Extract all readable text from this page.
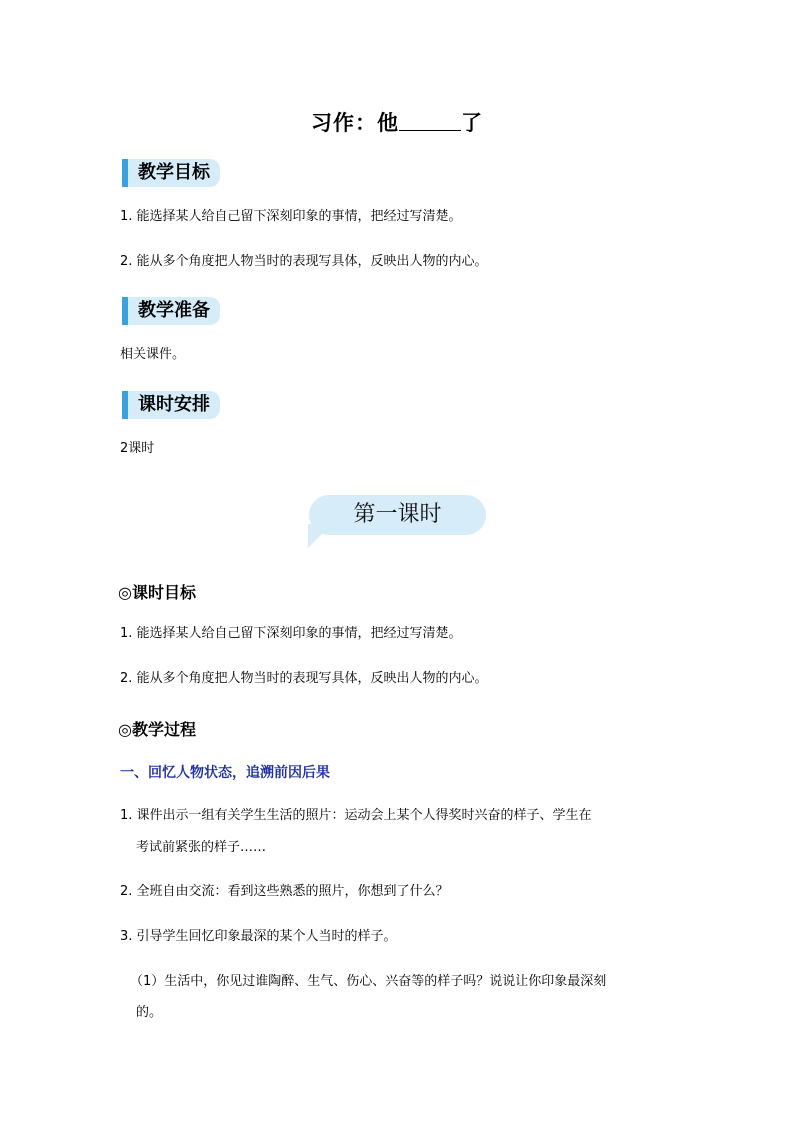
习作：他	了
教学目标
1. 能选择某人给自己留下深刻印象的事情，把经过写清楚。
2. 能从多个角度把人物当时的表现写具体，反映出人物的内心。
教学准备
相关课件。
课时安排
2课时
第一课时
◎课时目标
1. 能选择某人给自己留下深刻印象的事情，把经过写清楚。
2. 能从多个角度把人物当时的表现写具体，反映出人物的内心。
◎教学过程
一、回忆人物状态，追溯前因后果
1. 课件出示一组有关学生生活的照片：运动会上某个人得奖时兴奋的样子、学生在
考试前紧张的样子……
2. 全班自由交流：看到这些熟悉的照片，你想到了什么？
3. 引导学生回忆印象最深的某个人当时的样子。
（1）生活中，你见过谁陶醉、生气、伤心、兴奋等的样子吗？说说让你印象最深刻
的。
